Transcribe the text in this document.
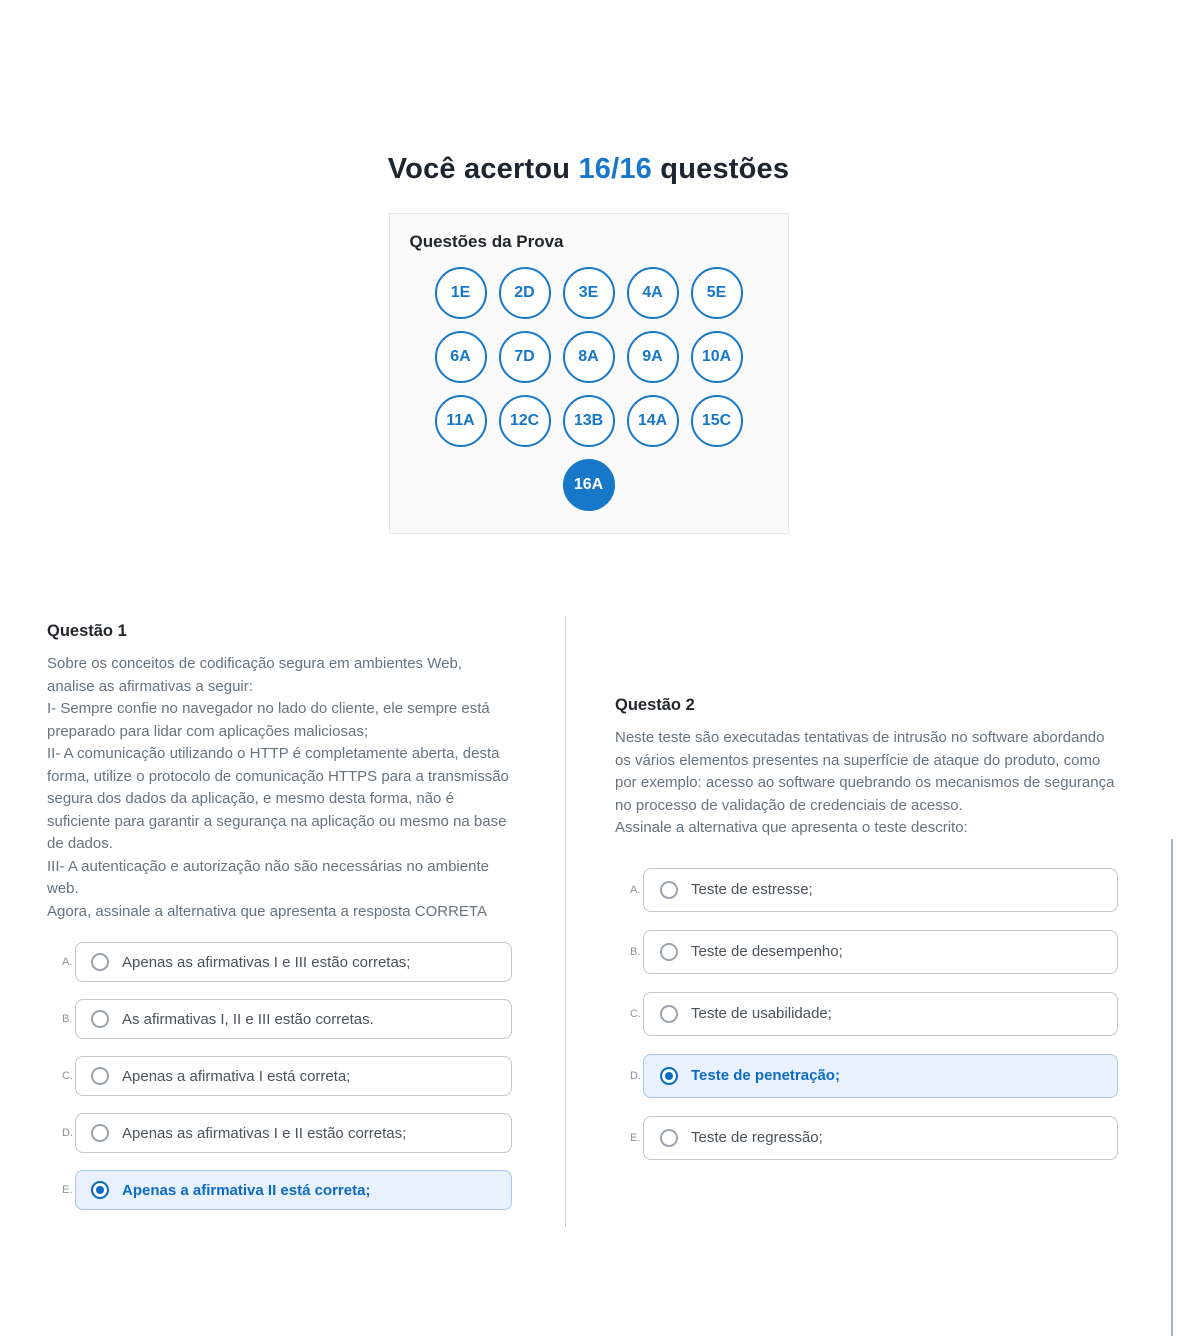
Você acertou 16/16 questões
Questões da Prova
1E	2D	3E	4A	5E
6A	7D	8A	9A	10A
11A	12C	13B	14A	15C
16A
Questão 1

Sobre os conceitos de codificação segura em ambientes Web, analise as afirmativas a seguir:

I- Sempre confie no navegador no lado do cliente, ele sempre está preparado para lidar com aplicações maliciosas;

II- A comunicação utilizando o HTTP é completamente aberta, desta forma, utilize o protocolo de comunicação HTTPS para a transmissão segura dos dados da aplicação, e mesmo desta forma, não é suficiente para garantir a segurança na aplicação ou mesmo na base de dados.

III- A autenticação e autorização não são necessárias no ambiente web.

Agora, assinale a alternativa que apresenta a resposta CORRETA

A.	Apenas as afirmativas I e III estão corretas;
B.	As afirmativas I, II e III estão corretas.
C.	Apenas a afirmativa I está correta;
D.	Apenas as afirmativas I e II estão corretas;
E.	Apenas a afirmativa II está correta;
Questão 2

Neste teste são executadas tentativas de intrusão no software abordando os vários elementos presentes na superfície de ataque do produto, como por exemplo: acesso ao software quebrando os mecanismos de segurança no processo de validação de credenciais de acesso.

Assinale a alternativa que apresenta o teste descrito:

A.	Teste de estresse;
B.	Teste de desempenho;
C.	Teste de usabilidade;
D.	Teste de penetração;
E.	Teste de regressão;
